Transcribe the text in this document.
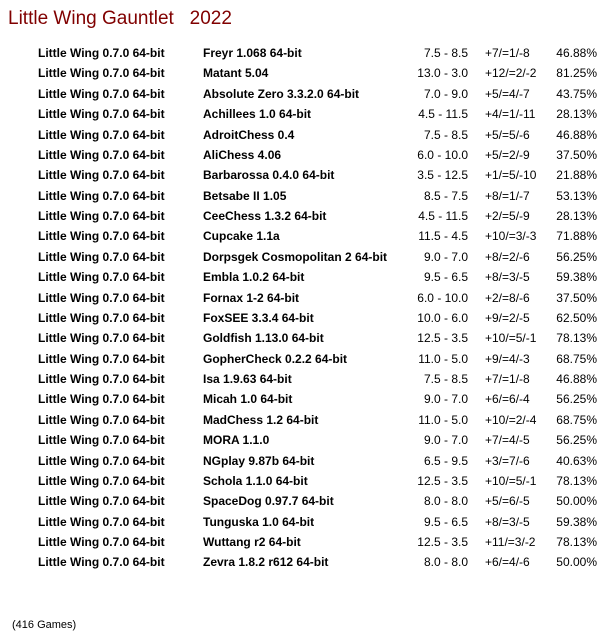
Little Wing Gauntlet   2022
Little Wing 0.7.0 64-bit	Freyr 1.068 64-bit	7.5 - 8.5 +7/=1/-8	46.88%
Little Wing 0.7.0 64-bit	Matant 5.04	13.0 - 3.0 +12/=2/-2	81.25%
Little Wing 0.7.0 64-bit	Absolute Zero 3.3.2.0 64-bit	7.0 - 9.0 +5/=4/-7	43.75%
Little Wing 0.7.0 64-bit	Achillees 1.0 64-bit	4.5 - 11.5 +4/=1/-11	28.13%
Little Wing 0.7.0 64-bit	AdroitChess 0.4	7.5 - 8.5 +5/=5/-6	46.88%
Little Wing 0.7.0 64-bit	AliChess 4.06	6.0 - 10.0 +5/=2/-9	37.50%
Little Wing 0.7.0 64-bit	Barbarossa 0.4.0 64-bit	3.5 - 12.5 +1/=5/-10	21.88%
Little Wing 0.7.0 64-bit	Betsabe II 1.05	8.5 - 7.5 +8/=1/-7	53.13%
Little Wing 0.7.0 64-bit	CeeChess 1.3.2 64-bit	4.5 - 11.5 +2/=5/-9	28.13%
Little Wing 0.7.0 64-bit	Cupcake 1.1a	11.5 - 4.5 +10/=3/-3	71.88%
Little Wing 0.7.0 64-bit	Dorpsgek Cosmopolitan 2 64-bit	9.0 - 7.0 +8/=2/-6	56.25%
Little Wing 0.7.0 64-bit	Embla 1.0.2 64-bit	9.5 - 6.5 +8/=3/-5	59.38%
Little Wing 0.7.0 64-bit	Fornax 1-2 64-bit	6.0 - 10.0 +2/=8/-6	37.50%
Little Wing 0.7.0 64-bit	FoxSEE 3.3.4 64-bit	10.0 - 6.0 +9/=2/-5	62.50%
Little Wing 0.7.0 64-bit	Goldfish 1.13.0 64-bit	12.5 - 3.5 +10/=5/-1	78.13%
Little Wing 0.7.0 64-bit	GopherCheck 0.2.2 64-bit	11.0 - 5.0 +9/=4/-3	68.75%
Little Wing 0.7.0 64-bit	Isa 1.9.63 64-bit	7.5 - 8.5 +7/=1/-8	46.88%
Little Wing 0.7.0 64-bit	Micah 1.0 64-bit	9.0 - 7.0 +6/=6/-4	56.25%
Little Wing 0.7.0 64-bit	MadChess 1.2 64-bit	11.0 - 5.0 +10/=2/-4	68.75%
Little Wing 0.7.0 64-bit	MORA 1.1.0	9.0 - 7.0 +7/=4/-5	56.25%
Little Wing 0.7.0 64-bit	NGplay 9.87b 64-bit	6.5 - 9.5 +3/=7/-6	40.63%
Little Wing 0.7.0 64-bit	Schola 1.1.0 64-bit	12.5 - 3.5 +10/=5/-1	78.13%
Little Wing 0.7.0 64-bit	SpaceDog 0.97.7 64-bit	8.0 - 8.0 +5/=6/-5	50.00%
Little Wing 0.7.0 64-bit	Tunguska 1.0 64-bit	9.5 - 6.5 +8/=3/-5	59.38%
Little Wing 0.7.0 64-bit	Wuttang r2 64-bit	12.5 - 3.5 +11/=3/-2	78.13%
Little Wing 0.7.0 64-bit	Zevra 1.8.2 r612 64-bit	8.0 - 8.0 +6/=4/-6	50.00%
(416 Games)
